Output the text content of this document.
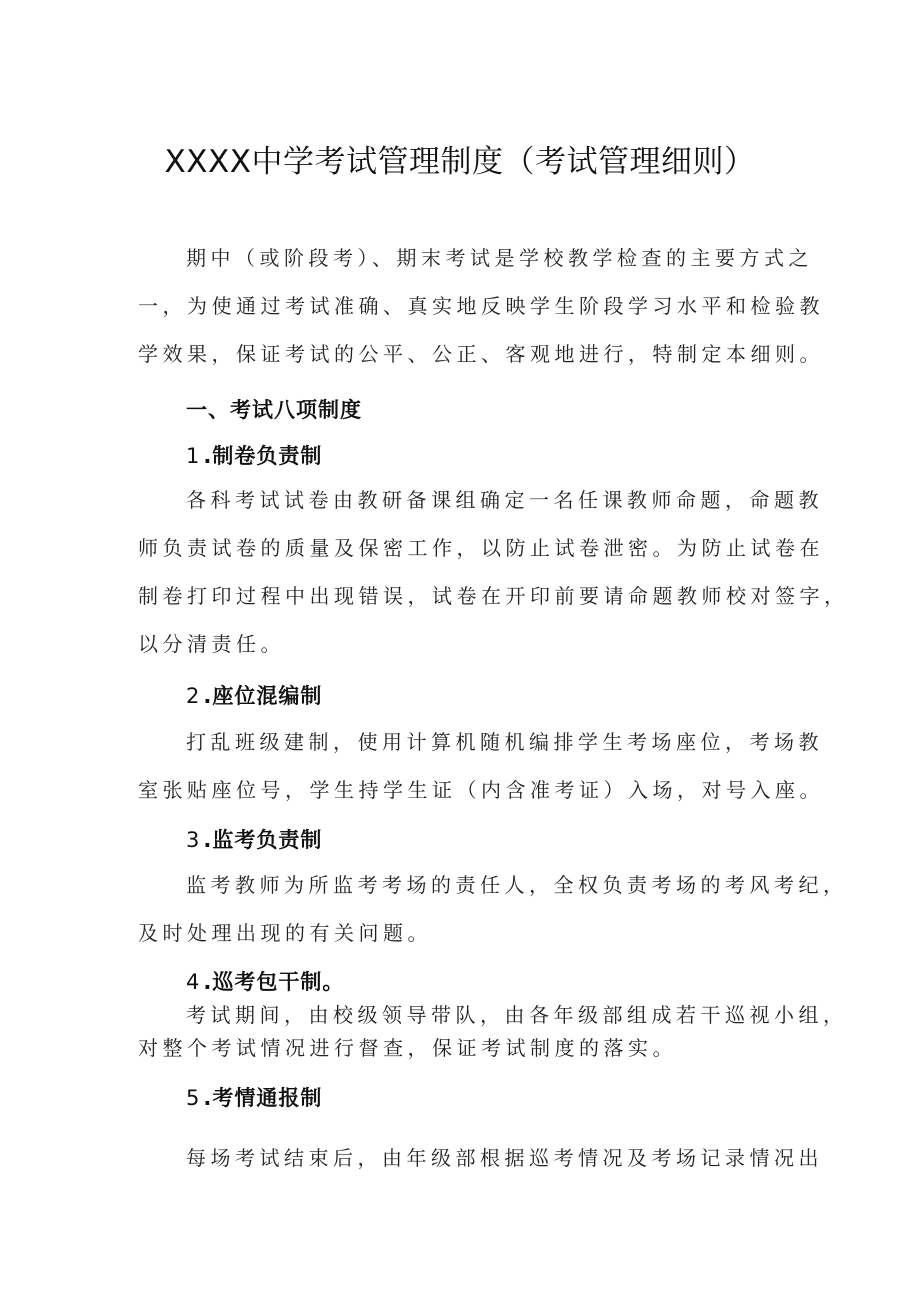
XXXX中学考试管理制度（考试管理细则）
期中（或阶段考）、期末考试是学校教学检查的主要方式之
一，为使通过考试准确、真实地反映学生阶段学习水平和检验教
学效果，保证考试的公平、公正、客观地进行，特制定本细则。
一、考试八项制度
1 .制卷负责制
各科考试试卷由教研备课组确定一名任课教师命题，命题教
师负责试卷的质量及保密工作，以防止试卷泄密。为防止试卷在
制卷打印过程中出现错误，试卷在开印前要请命题教师校对签字，
以分清责任。
2 .座位混编制
打乱班级建制，使用计算机随机编排学生考场座位，考场教
室张贴座位号，学生持学生证（内含准考证）入场，对号入座。
3 .监考负责制
监考教师为所监考考场的责任人，全权负责考场的考风考纪，
及时处理出现的有关问题。
4 .巡考包干制。
考试期间，由校级领导带队，由各年级部组成若干巡视小组，
对整个考试情况进行督查，保证考试制度的落实。
5 .考情通报制
每场考试结束后，由年级部根据巡考情况及考场记录情况出
